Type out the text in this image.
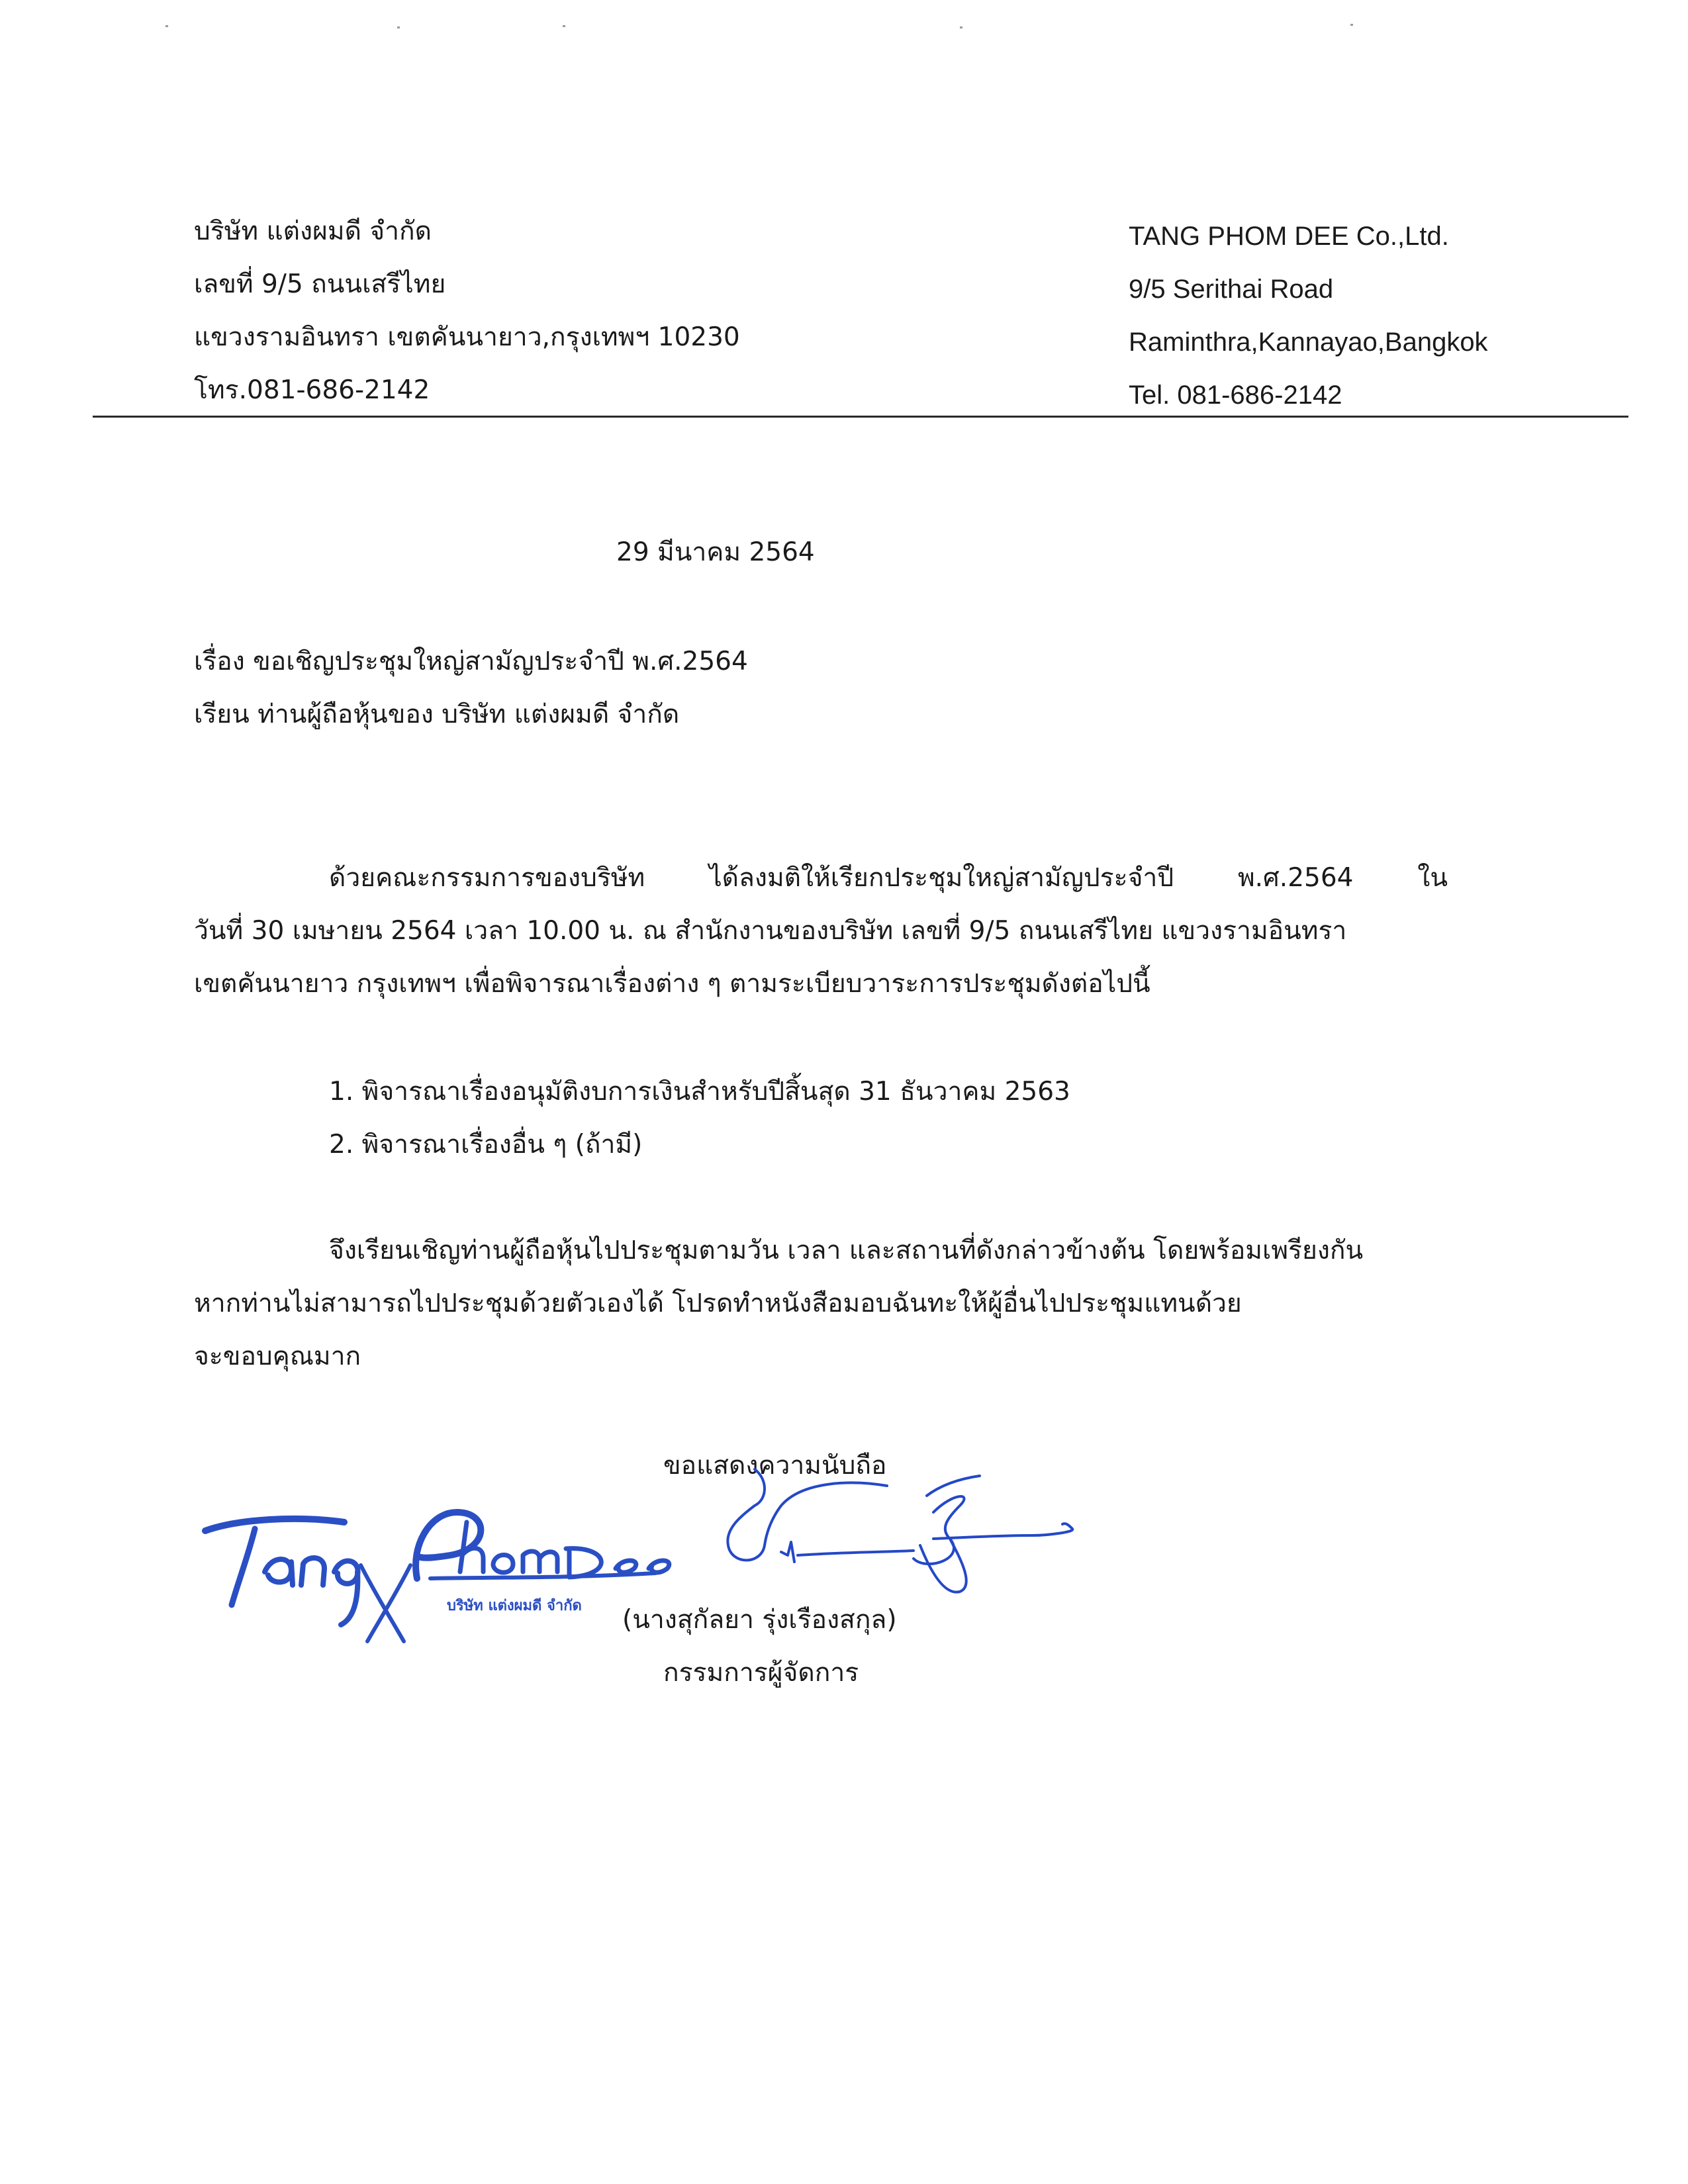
บริษัท แต่งผมดี จำกัด
เลขที่ 9/5 ถนนเสรีไทย
แขวงรามอินทรา เขตคันนายาว,กรุงเทพฯ 10230
โทร.081-686-2142
TANG PHOM DEE Co.,Ltd.
9/5 Serithai Road
Raminthra,Kannayao,Bangkok
Tel. 081-686-2142
29 มีนาคม 2564
เรื่อง ขอเชิญประชุมใหญ่สามัญประจำปี พ.ศ.2564
เรียน ท่านผู้ถือหุ้นของ บริษัท แต่งผมดี จำกัด
ด้วยคณะกรรมการของบริษัท ได้ลงมติให้เรียกประชุมใหญ่สามัญประจำปี พ.ศ.2564 ใน
วันที่ 30 เมษายน 2564 เวลา 10.00 น. ณ สำนักงานของบริษัท เลขที่ 9/5 ถนนเสรีไทย แขวงรามอินทรา
เขตคันนายาว กรุงเทพฯ เพื่อพิจารณาเรื่องต่าง ๆ ตามระเบียบวาระการประชุมดังต่อไปนี้
1. พิจารณาเรื่องอนุมัติงบการเงินสำหรับปีสิ้นสุด 31 ธันวาคม 2563
2. พิจารณาเรื่องอื่น ๆ (ถ้ามี)
จึงเรียนเชิญท่านผู้ถือหุ้นไปประชุมตามวัน เวลา และสถานที่ดังกล่าวข้างต้น โดยพร้อมเพรียงกัน
หากท่านไม่สามารถไปประชุมด้วยตัวเองได้ โปรดทำหนังสือมอบฉันทะให้ผู้อื่นไปประชุมแทนด้วย
จะขอบคุณมาก
ขอแสดงความนับถือ
บริษัท แต่งผมดี จำกัด (นางสุกัลยา รุ่งเรืองสกุล)
กรรมการผู้จัดการ
